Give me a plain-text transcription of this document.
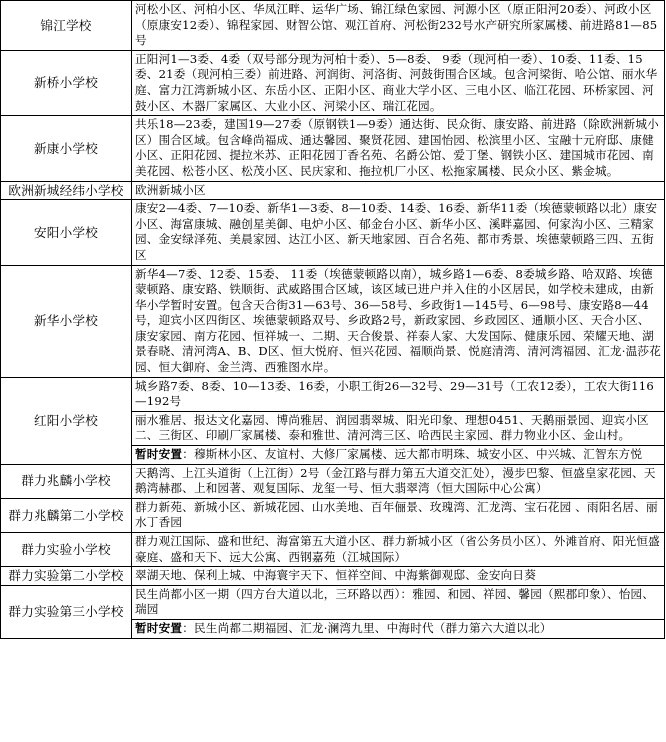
锦江学校	河松小区、河柏小区、华凤江畔、运华广场、锦江绿色家园、河源小区（原正阳河20委）、河政小区（原康安12委）、锦程家园、财智公馆、观江首府、河松街232号水产研究所家属楼、前进路81—85号
新桥小学校	正阳河1—3委、4委（双号部分现为河柏十委）、5—8委、 9委（现河柏一委）、10委、11委、15委、21委（现河柏三委）前进路、河润街、河洛街、河鼓街围合区域。包含河梁街、哈公馆、丽水华庭、富力江湾新城小区、东岳小区、正阳小区、商业大学小区、三电小区、临江花园、环桥家园、河鼓小区、木器厂家属区、大业小区、河梁小区、瑞江花园。
新康小学校	共乐18—23委，建国19—27委（原钢铁1—9委）通达街、民众街、康安路、前进路（除欧洲新城小区）围合区域。包含峰尚福成、通达馨园、聚贤花园、建国怡园、松滨里小区、宝融十元府邸、康健小区、正阳花园、提拉米苏、正阳花园丁香名苑、名爵公馆、爱丁堡、钢铁小区、建国城市花园、南美花园、松苍小区、松茂小区、民庆家和、拖拉机厂小区、松拖家属楼、民众小区、紫金城。
欧洲新城经纬小学校	欧洲新城小区
安阳小学校	康安2—4委、7—10委、新华1—3委、8—10委、14委、16委、新华11委（埃德蒙顿路以北）康安小区、海富康城、融创星美御、电炉小区、郁金台小区、新华小区、溪畔嘉园、何家沟小区、三精家园、金安绿泽苑、美晨家园、达江小区、新天地家园、百合名苑、都市秀景、埃德蒙顿路三四、五街区
新华小学校	新华4—7委、12委、15委、 11委（埃德蒙顿路以南），城乡路1—6委、8委城乡路、哈双路、埃德蒙顿路、康安路、铁顺街、武威路围合区域，该区域已进户并入住的小区居民，如学校未建成，由新华小学暂时安置。包含天合街31—63号、36—58号、乡政街1—145号、6—98号、康安路8—44号，迎宾小区四街区、埃德蒙顿路双号、乡政路2号，新政家园、乡政园区、通顺小区、天合小区、康安家园、南方花园、恒祥城一、二期、天合俊景、祥泰人家、大发国际、健康乐园、荣耀天地、湖景春晓、清河湾A、B、D区、恒大悦府、恒兴花园、福顺尚景、悦庭清湾、清河湾福园、汇龙·温莎花园、恒大御府、金兰湾、西雅图水岸。
红阳小学校	城乡路7委、8委、10—13委、16委，小职工街26—32号、29—31号（工农12委），工农大街116—192号
丽水雅居、报达文化嘉园、博尚雅居、润园翡翠城、阳光印象、理想0451、天鹅丽景园、迎宾小区二、三街区、印刷厂家属楼、泰和雅世、清河湾三区、哈西民主家园、群力物业小区、金山村。
暂时安置：穆斯林小区、友谊村、大修厂家属楼、远大都市明珠、城安小区、中兴城、汇智东方悦

群力兆麟小学校	天鹅湾、上江头道街（上江街）2号（金江路与群力第五大道交汇处），漫步巴黎、恒盛皇家花园、天鹅湾赫郡、上和园著、观复国际、龙玺一号、恒大翡翠湾（恒大国际中心公寓）
群力兆麟第二小学校	群力新苑、新城小区、新城花园、山水美地、百年俪景、玫瑰湾、汇龙湾、宝石花园 、雨阳名居、丽水丁香园
群力实验小学校	群力观江国际、盛和世纪、海富第五大道小区、群力新城小区（省公务员小区）、外滩首府、阳光恒盛豪庭、盛和天下、远大公寓、西钢嘉苑（江城国际）
群力实验第二小学校	翠湖天地、保利上城、中海寰宇天下、恒祥空间、中海紫御观邸、金安向日葵
群力实验第三小学校	民生尚都小区一期（四方台大道以北，三环路以西）：雅园、和园、祥园、馨园（熙郡印象）、怡园、瑞园
暂时安置：民生尚都二期福园、汇龙·澜湾九里、中海时代（群力第六大道以北）
